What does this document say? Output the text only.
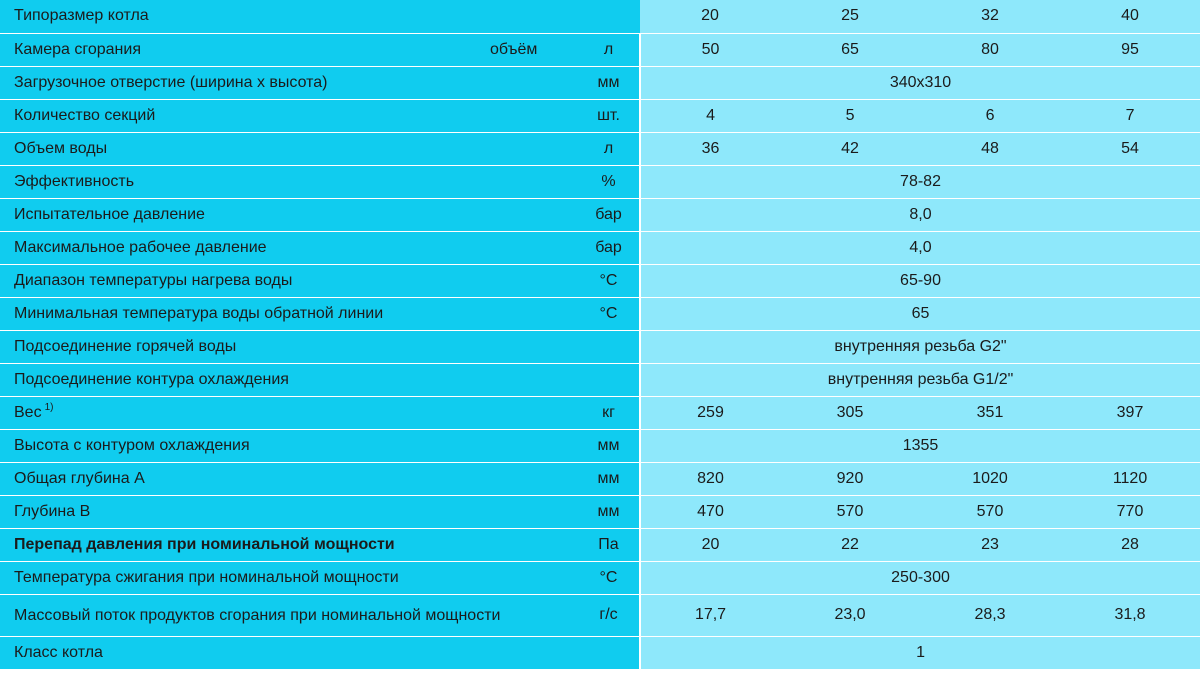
Типоразмер котла			20	25	32	40
Камера сгорания	объём	л	50	65	80	95
Загрузочное отверстие (ширина х высота)		мм	340x310			
Количество секций		шт.	4	5	6	7
Объем воды		л	36	42	48	54
Эффективность		%	78-82			
Испытательное давление		бар	8,0			
Максимальное рабочее давление		бар	4,0			
Диапазон температуры нагрева воды		°С	65-90			
Минимальная температура воды обратной линии		°С	65			
Подсоединение горячей воды			внутренняя резьба G2"			
Подсоединение контура охлаждения			внутренняя резьба G1/2"			
Вес $^{1)}$		кг	259	305	351	397
Высота с контуром охлаждения		мм	1355			
Общая глубина А		мм	820	920	1020	1120
Глубина В		мм	470	570	570	770
Перепад давления при номинальной мощности		Па	20	22	23	28
Температура сжигания при номинальной мощности		°С	250-300			
Массовый поток продуктов сгорания при номинальной мощности		г/с	17,7	23,0	28,3	31,8
Класс котла			1			
